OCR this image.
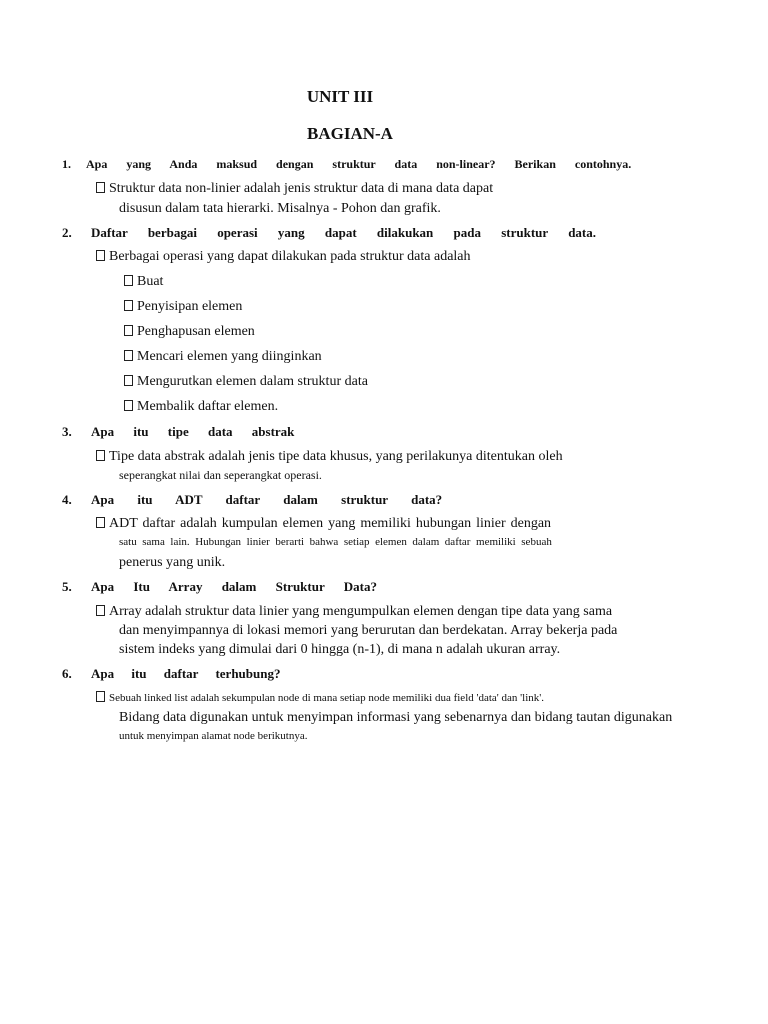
UNIT III
BAGIAN-A
1. Apa yang Anda maksud dengan struktur data non-linear? Berikan contohnya.
Struktur data non-linier adalah jenis struktur data di mana data dapat
disusun dalam tata hierarki. Misalnya - Pohon dan grafik.
2. Daftar berbagai operasi yang dapat dilakukan pada struktur data.
Berbagai operasi yang dapat dilakukan pada struktur data adalah
Buat
Penyisipan elemen
Penghapusan elemen
Mencari elemen yang diinginkan
Mengurutkan elemen dalam struktur data
Membalik daftar elemen.
3. Apa itu tipe data abstrak
Tipe data abstrak adalah jenis tipe data khusus, yang perilakunya ditentukan oleh
seperangkat nilai dan seperangkat operasi.
4. Apa itu ADT daftar dalam struktur data?
ADT daftar adalah kumpulan elemen yang memiliki hubungan linier dengan
satu sama lain. Hubungan linier berarti bahwa setiap elemen dalam daftar memiliki sebuah
penerus yang unik.
5. Apa Itu Array dalam Struktur Data?
Array adalah struktur data linier yang mengumpulkan elemen dengan tipe data yang sama
dan menyimpannya di lokasi memori yang berurutan dan berdekatan. Array bekerja pada
sistem indeks yang dimulai dari 0 hingga (n-1), di mana n adalah ukuran array.
6. Apa itu daftar terhubung?
Sebuah linked list adalah sekumpulan node di mana setiap node memiliki dua field 'data' dan 'link'.
Bidang data digunakan untuk menyimpan informasi yang sebenarnya dan bidang tautan digunakan
untuk menyimpan alamat node berikutnya.
